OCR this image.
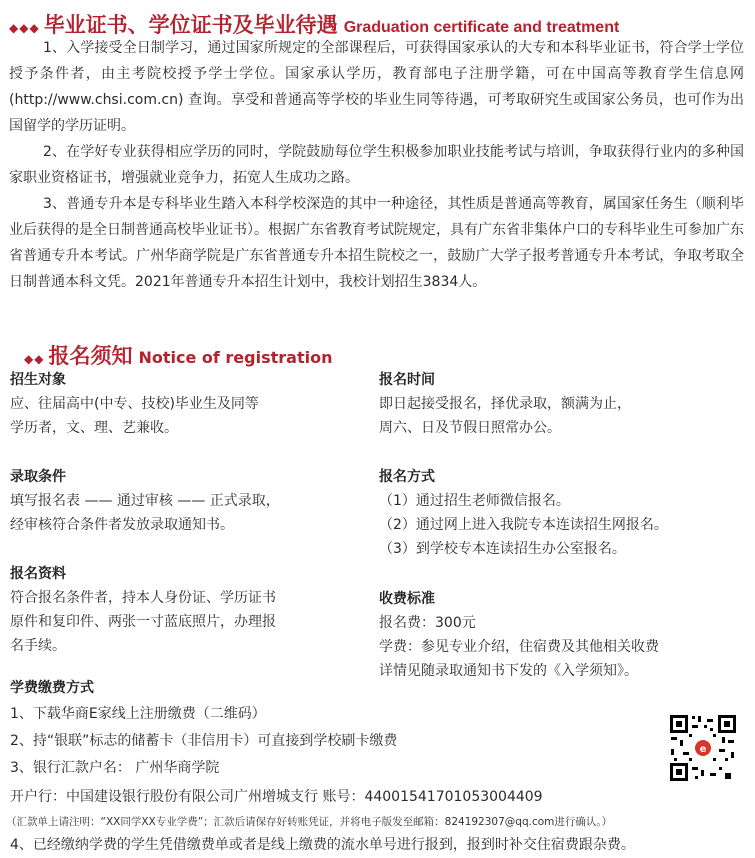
◆◆◆ 毕业证书、学位证书及毕业待遇 Graduation certificate and treatment
1、入学接受全日制学习，通过国家所规定的全部课程后，可获得国家承认的大专和本科毕业证书，符合学士学位授予条件者，由主考院校授予学士学位。国家承认学历，教育部电子注册学籍，可在中国高等教育学生信息网(http://www.chsi.com.cn) 查询。享受和普通高等学校的毕业生同等待遇，可考取研究生或国家公务员，也可作为出国留学的学历证明。
2、在学好专业获得相应学历的同时，学院鼓励每位学生积极参加职业技能考试与培训，争取获得行业内的多种国家职业资格证书，增强就业竞争力，拓宽人生成功之路。
3、普通专升本是专科毕业生踏入本科学校深造的其中一种途径，其性质是普通高等教育，属国家任务生（顺利毕业后获得的是全日制普通高校毕业证书）。根据广东省教育考试院规定，具有广东省非集体户口的专科毕业生可参加广东省普通专升本考试。广州华商学院是广东省普通专升本招生院校之一，鼓励广大学子报考普通专升本考试，争取考取全日制普通本科文凭。2021年普通专升本招生计划中，我校计划招生3834人。
◆◆ 报名须知 Notice of registration
招生对象
应、往届高中(中专、技校)毕业生及同等
学历者，文、理、艺兼收。
录取条件
填写报名表 —— 通过审核 —— 正式录取，
经审核符合条件者发放录取通知书。
报名资料
符合报名条件者，持本人身份证、学历证书
原件和复印件、两张一寸蓝底照片，办理报
名手续。
报名时间
即日起接受报名，择优录取，额满为止，
周六、日及节假日照常办公。
报名方式
（1）通过招生老师微信报名。
（2）通过网上进入我院专本连读招生网报名。
（3）到学校专本连读招生办公室报名。
收费标准
报名费：300元
学费：参见专业介绍，住宿费及其他相关收费
详情见随录取通知书下发的《入学须知》。
学费缴费方式
1、下载华商E家线上注册缴费（二维码）
2、持“银联”标志的储蓄卡（非信用卡）可直接到学校刷卡缴费
3、银行汇款户名： 广州华商学院
开户行：中国建设银行股份有限公司广州增城支行 账号：44001541701053004409
（汇款单上请注明：“XX同学XX专业学费”；汇款后请保存好转账凭证，并将电子版发至邮箱：824192307@qq.com进行确认。）
4、已经缴纳学费的学生凭借缴费单或者是线上缴费的流水单号进行报到，报到时补交住宿费跟杂费。
e
